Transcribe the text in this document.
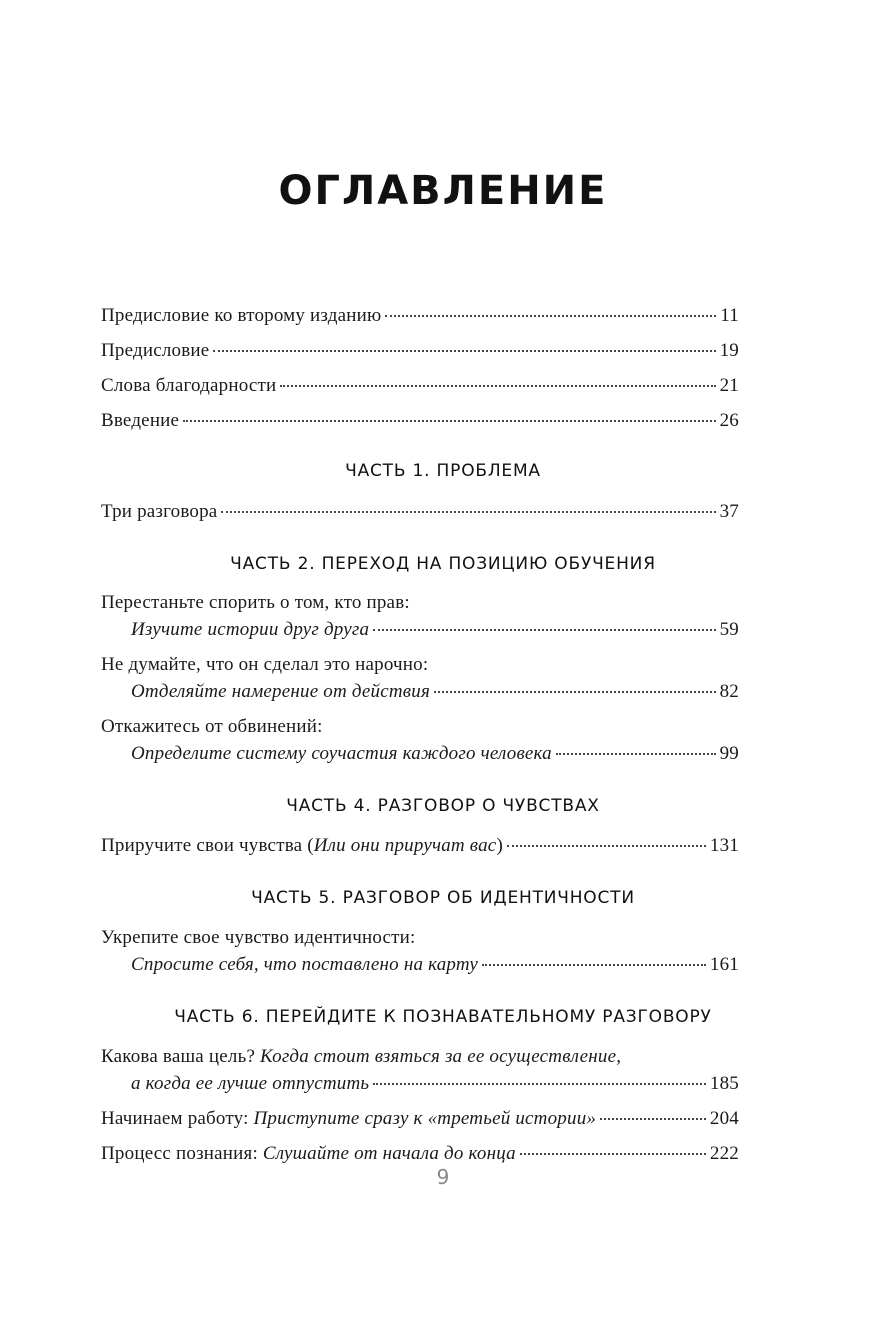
ОГЛАВЛЕНИЕ
Предисловие ко второму изданию	11
Предисловие	19
Слова благодарности	21
Введение	26
ЧАСТЬ 1. ПРОБЛЕМА
Три разговора	37
ЧАСТЬ 2. ПЕРЕХОД НА ПОЗИЦИЮ ОБУЧЕНИЯ
Перестаньте спорить о том, кто прав:
Изучите истории друг друга	59
Не думайте, что он сделал это нарочно:
Отделяйте намерение от действия	82
Откажитесь от обвинений:
Определите систему соучастия каждого человека	99
ЧАСТЬ 4. РАЗГОВОР О ЧУВСТВАХ
Приручите свои чувства (Или они приручат вас)	131
ЧАСТЬ 5. РАЗГОВОР ОБ ИДЕНТИЧНОСТИ
Укрепите свое чувство идентичности:
Спросите себя, что поставлено на карту	161
ЧАСТЬ 6. ПЕРЕЙДИТЕ К ПОЗНАВАТЕЛЬНОМУ РАЗГОВОРУ
Какова ваша цель? Когда стоит взяться за ее осуществление,
а когда ее лучше отпустить	185
Начинаем работу: Приступите сразу к «третьей истории»	204
Процесс познания: Слушайте от начала до конца	222
9
